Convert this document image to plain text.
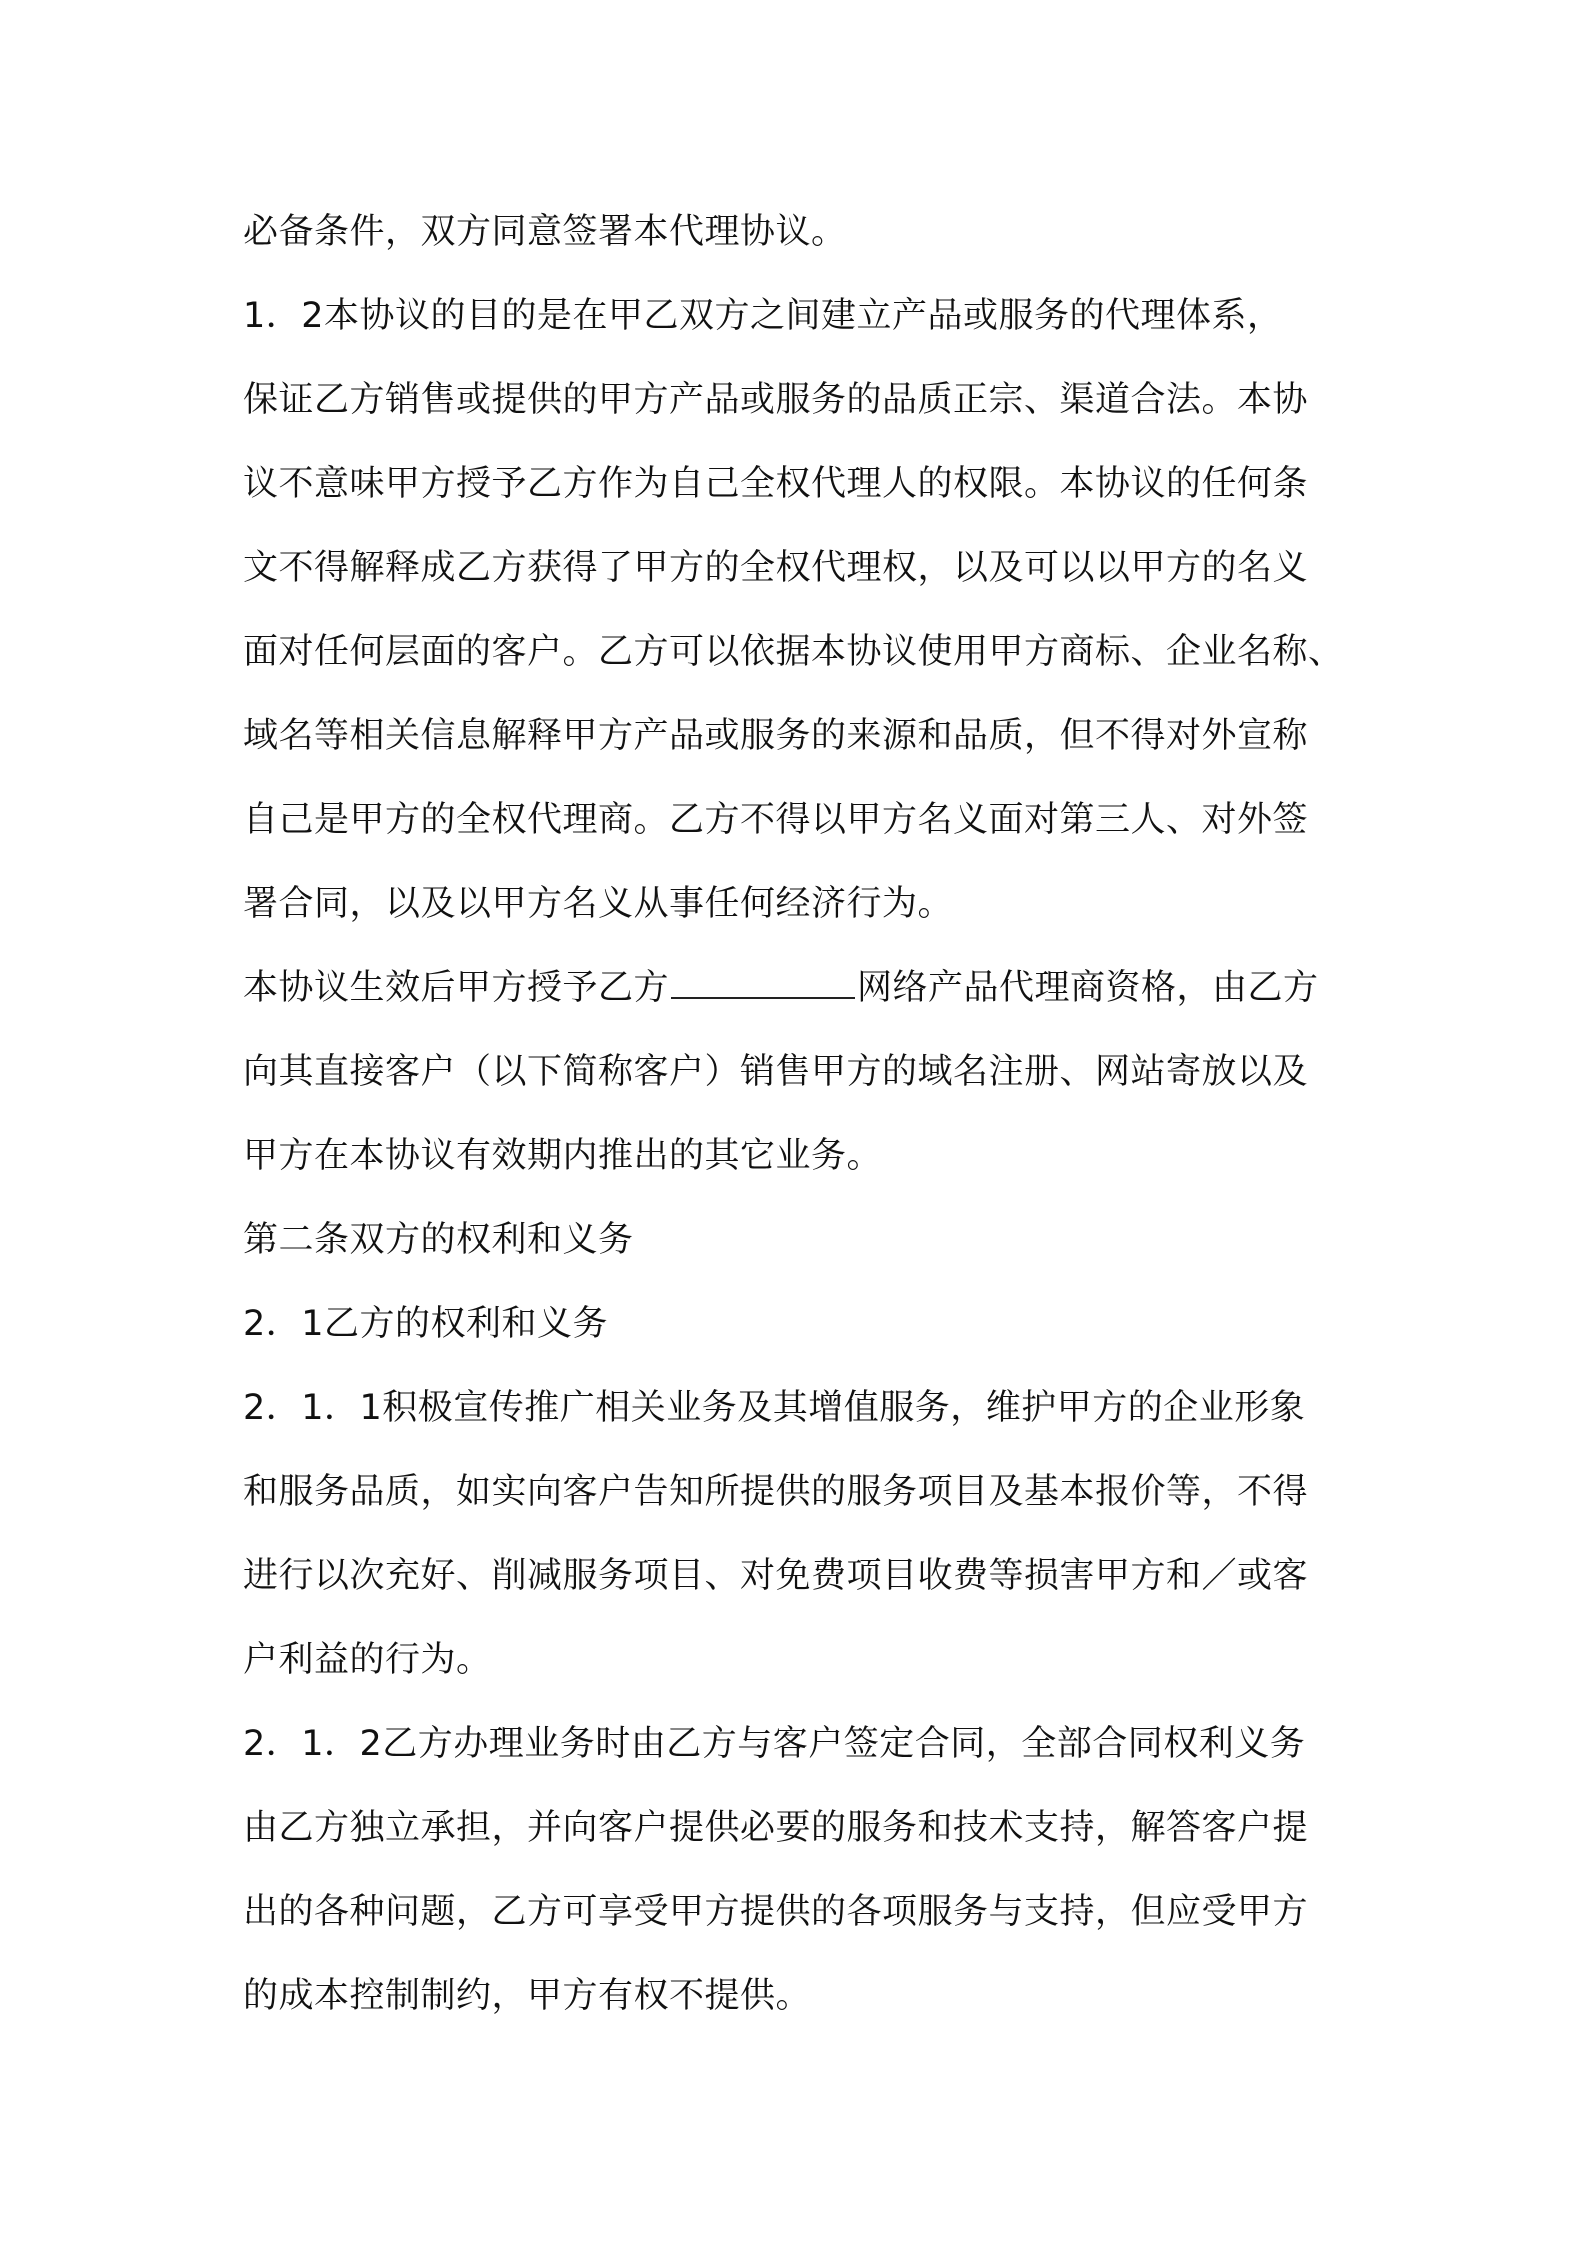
必备条件，双方同意签署本代理协议。
1．2本协议的目的是在甲乙双方之间建立产品或服务的代理体系，
保证乙方销售或提供的甲方产品或服务的品质正宗、渠道合法。本协
议不意味甲方授予乙方作为自己全权代理人的权限。本协议的任何条
文不得解释成乙方获得了甲方的全权代理权，以及可以以甲方的名义
面对任何层面的客户。乙方可以依据本协议使用甲方商标、企业名称、
域名等相关信息解释甲方产品或服务的来源和品质，但不得对外宣称
自己是甲方的全权代理商。乙方不得以甲方名义面对第三人、对外签
署合同，以及以甲方名义从事任何经济行为。
本协议生效后甲方授予乙方	网络产品代理商资格，由乙方
向其直接客户（以下简称客户）销售甲方的域名注册、网站寄放以及
甲方在本协议有效期内推出的其它业务。
第二条双方的权利和义务
2．1乙方的权利和义务
2．1．1积极宣传推广相关业务及其增值服务，维护甲方的企业形象
和服务品质，如实向客户告知所提供的服务项目及基本报价等，不得
进行以次充好、削减服务项目、对免费项目收费等损害甲方和／或客
户利益的行为。
2．1．2乙方办理业务时由乙方与客户签定合同，全部合同权利义务
由乙方独立承担，并向客户提供必要的服务和技术支持，解答客户提
出的各种问题，乙方可享受甲方提供的各项服务与支持，但应受甲方
的成本控制制约，甲方有权不提供。
